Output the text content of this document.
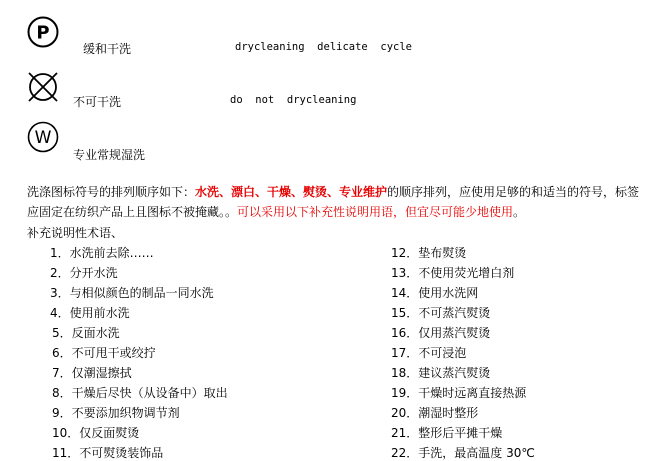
P
缓和干洗	drycleaning  delicate  cycle
不可干洗	do  not  drycleaning
W
专业常规湿洗
洗涤图标符号的排列顺序如下：水洗、漂白、干燥、熨烫、专业维护的顺序排列，应使用足够的和适当的符号，标签应固定在纺织产品上且图标不被掩藏。。可以采用以下补充性说明用语，但宜尽可能少地使用。
补充说明性术语、
1．水洗前去除……
2．分开水洗
3．与相似颜色的制品一同水洗
4．使用前水洗
5．反面水洗
6．不可甩干或绞拧
7．仅潮湿擦拭
8．干燥后尽快（从设备中）取出
9．不要添加织物调节剂
10．仅反面熨烫
11．不可熨烫装饰品
12．垫布熨烫
13．不使用荧光增白剂
14．使用水洗网
15．不可蒸汽熨烫
16．仅用蒸汽熨烫
17．不可浸泡
18．建议蒸汽熨烫
19．干燥时远离直接热源
20．潮湿时整形
21．整形后平摊干燥
22．手洗，最高温度 30℃
